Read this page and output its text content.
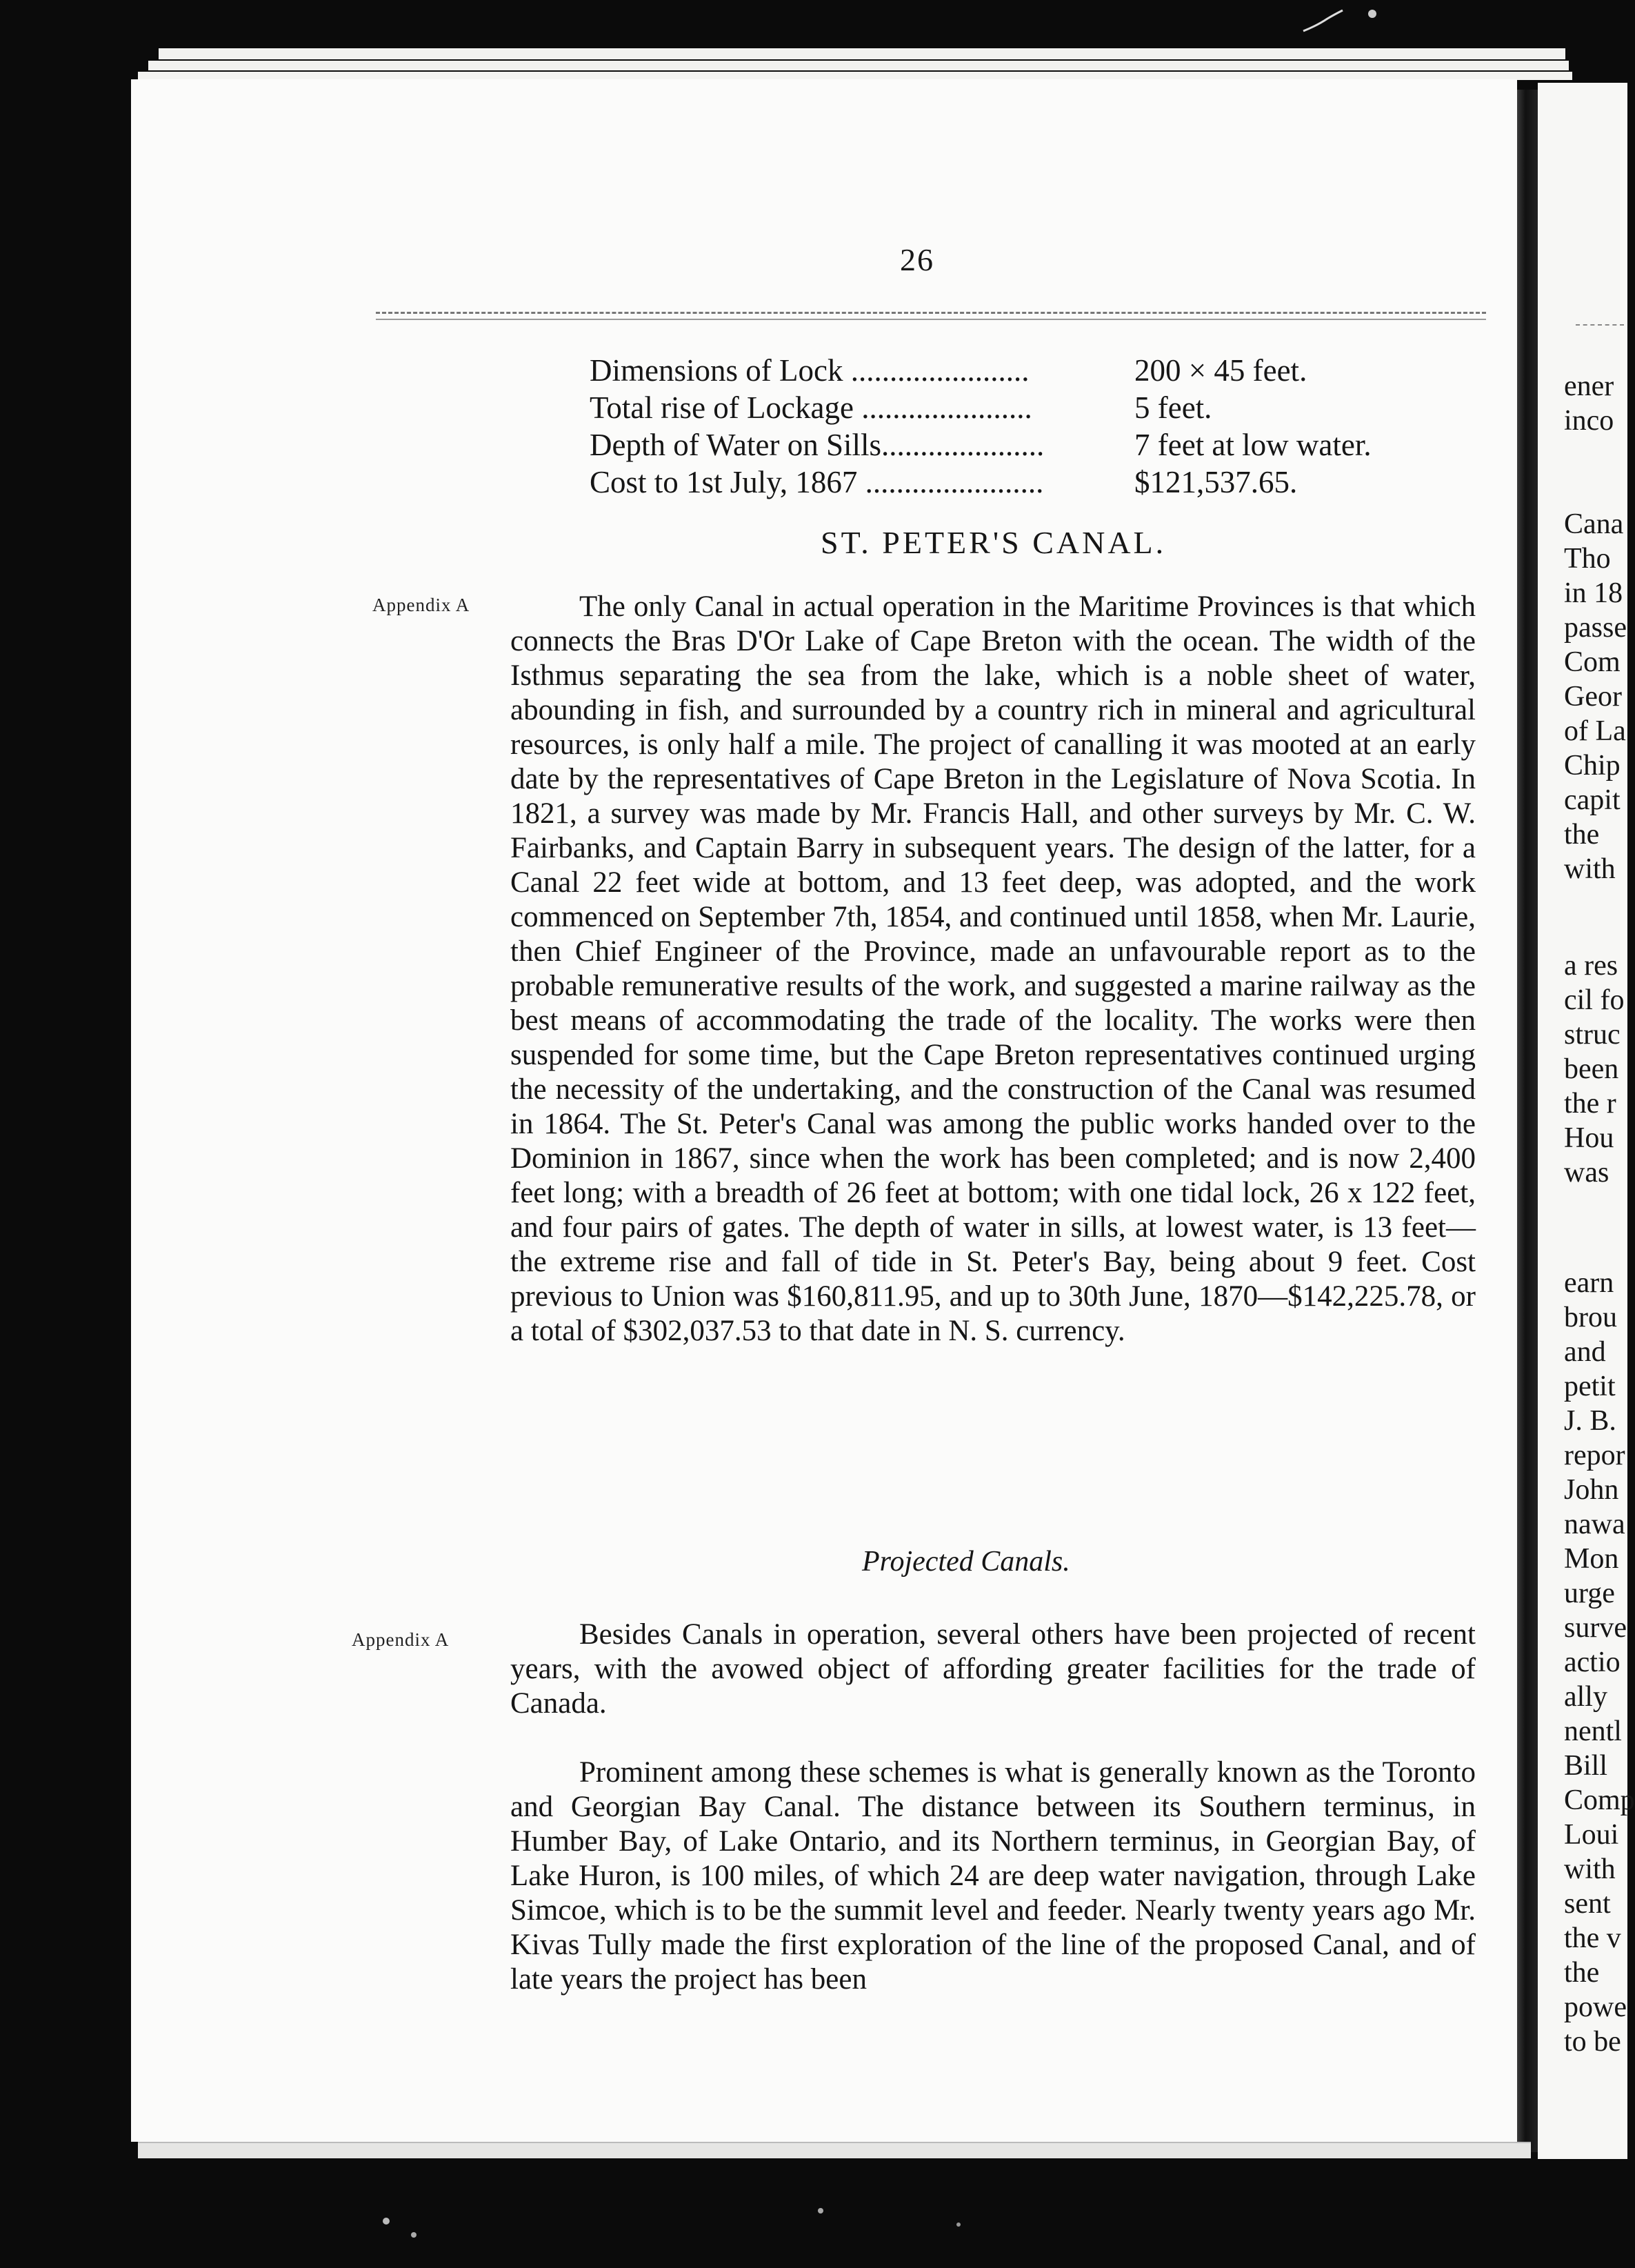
26
Dimensions of Lock .......................	200 × 45 feet.
Total rise of Lockage ......................	5 feet.
Depth of Water on Sills.....................	7 feet at low water.
Cost to 1st July, 1867 .......................	$121,537.65.
ST. PETER'S CANAL.
Appendix A	The only Canal in actual operation in the Maritime Provinces is that which connects the Bras D'Or Lake of Cape Breton with the ocean. The width of the Isthmus separating the sea from the lake, which is a noble sheet of water, abounding in fish, and surrounded by a country rich in mineral and agricultural resources, is only half a mile. The project of canalling it was mooted at an early date by the representatives of Cape Breton in the Legislature of Nova Scotia. In 1821, a survey was made by Mr. Francis Hall, and other surveys by Mr. C. W. Fairbanks, and Captain Barry in subsequent years. The design of the latter, for a Canal 22 feet wide at bottom, and 13 feet deep, was adopted, and the work commenced on September 7th, 1854, and continued until 1858, when Mr. Laurie, then Chief Engineer of the Province, made an unfavourable report as to the probable remunerative results of the work, and suggested a marine railway as the best means of accommodating the trade of the locality. The works were then suspended for some time, but the Cape Breton representatives continued urging the necessity of the undertaking, and the construction of the Canal was resumed in 1864. The St. Peter's Canal was among the public works handed over to the Dominion in 1867, since when the work has been completed; and is now 2,400 feet long; with a breadth of 26 feet at bottom; with one tidal lock, 26 x 122 feet, and four pairs of gates. The depth of water in sills, at lowest water, is 13 feet—the extreme rise and fall of tide in St. Peter's Bay, being about 9 feet. Cost previous to Union was $160,811.95, and up to 30th June, 1870—$142,225.78, or a total of $302,037.53 to that date in N. S. currency.

Projected Canals.
Appendix A	Besides Canals in operation, several others have been projected of recent years, with the avowed object of affording greater facilities for the trade of Canada.

Prominent among these schemes is what is generally known as the Toronto and Georgian Bay Canal. The distance between its Southern terminus, in Humber Bay, of Lake Ontario, and its Northern terminus, in Georgian Bay, of Lake Huron, is 100 miles, of which 24 are deep water navigation, through Lake Simcoe, which is to be the summit level and feeder. Nearly twenty years ago Mr. Kivas Tully made the first exploration of the line of the proposed Canal, and of late years the project has been

ener
inco
Cana
Tho
in 18
passe
Com
Geor
of La
Chip
capit
the
with
a res
cil fo
struc
been
the r
Hou
was
earn
brou
and
petit
J. B.
repor
John
nawa
Mon
urge
surve
actio
ally
nentl
Bill
Comp
Loui
with
sent
the v
the
powe
to be
